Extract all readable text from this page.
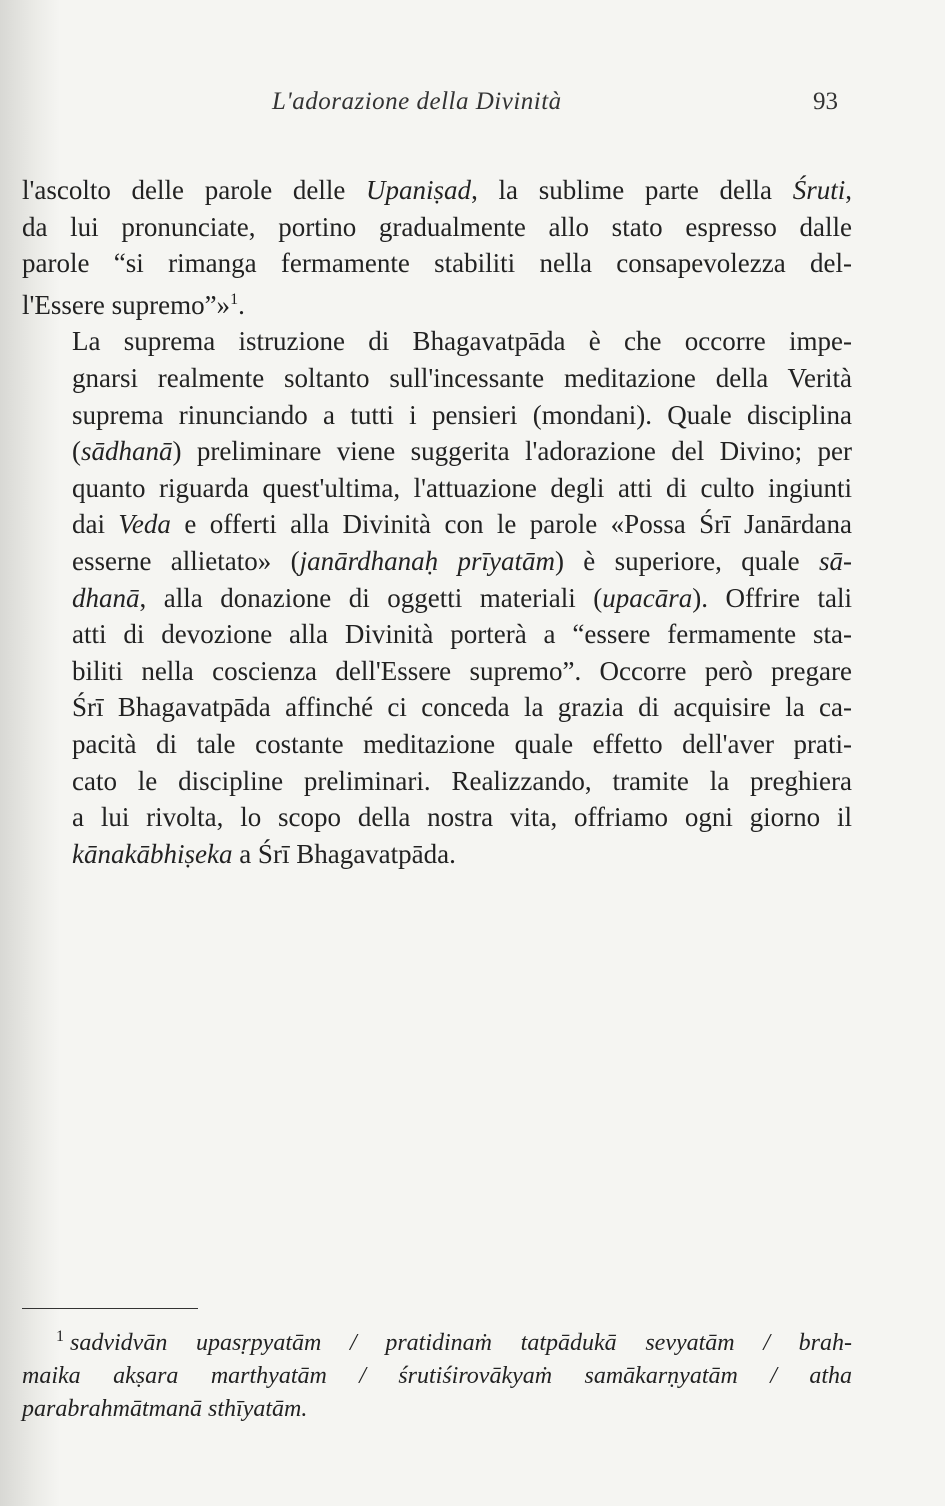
L'adorazione della Divinità	93

l'ascolto delle parole delle Upaniṣad, la sublime parte della Śruti,
da lui pronunciate, portino gradualmente allo stato espresso dalle
parole “si rimanga fermamente stabiliti nella consapevolezza del-
l'Essere supremo”»$^1$.

La suprema istruzione di Bhagavatpāda è che occorre impe-
gnarsi realmente soltanto sull'incessante meditazione della Verità
suprema rinunciando a tutti i pensieri (mondani). Quale disciplina
(sādhanā) preliminare viene suggerita l'adorazione del Divino; per
quanto riguarda quest'ultima, l'attuazione degli atti di culto ingiunti
dai Veda e offerti alla Divinità con le parole «Possa Śrī Janārdana
esserne allietato» (janārdhanaḥ prīyatām) è superiore, quale sā-
dhanā, alla donazione di oggetti materiali (upacāra). Offrire tali
atti di devozione alla Divinità porterà a “essere fermamente sta-
biliti nella coscienza dell'Essere supremo”. Occorre però pregare
Śrī Bhagavatpāda affinché ci conceda la grazia di acquisire la ca-
pacità di tale costante meditazione quale effetto dell'aver prati-
cato le discipline preliminari. Realizzando, tramite la preghiera
a lui rivolta, lo scopo della nostra vita, offriamo ogni giorno il
kānakābhiṣeka a Śrī Bhagavatpāda.

$^1$ sadvidvān upasṛpyatām / pratidinaṁ tatpādukā sevyatām / brah-
maika akṣara marthyatām / śrutiśirovākyaṁ samākarṇyatām / atha
parabrahmātmanā sthīyatām.
